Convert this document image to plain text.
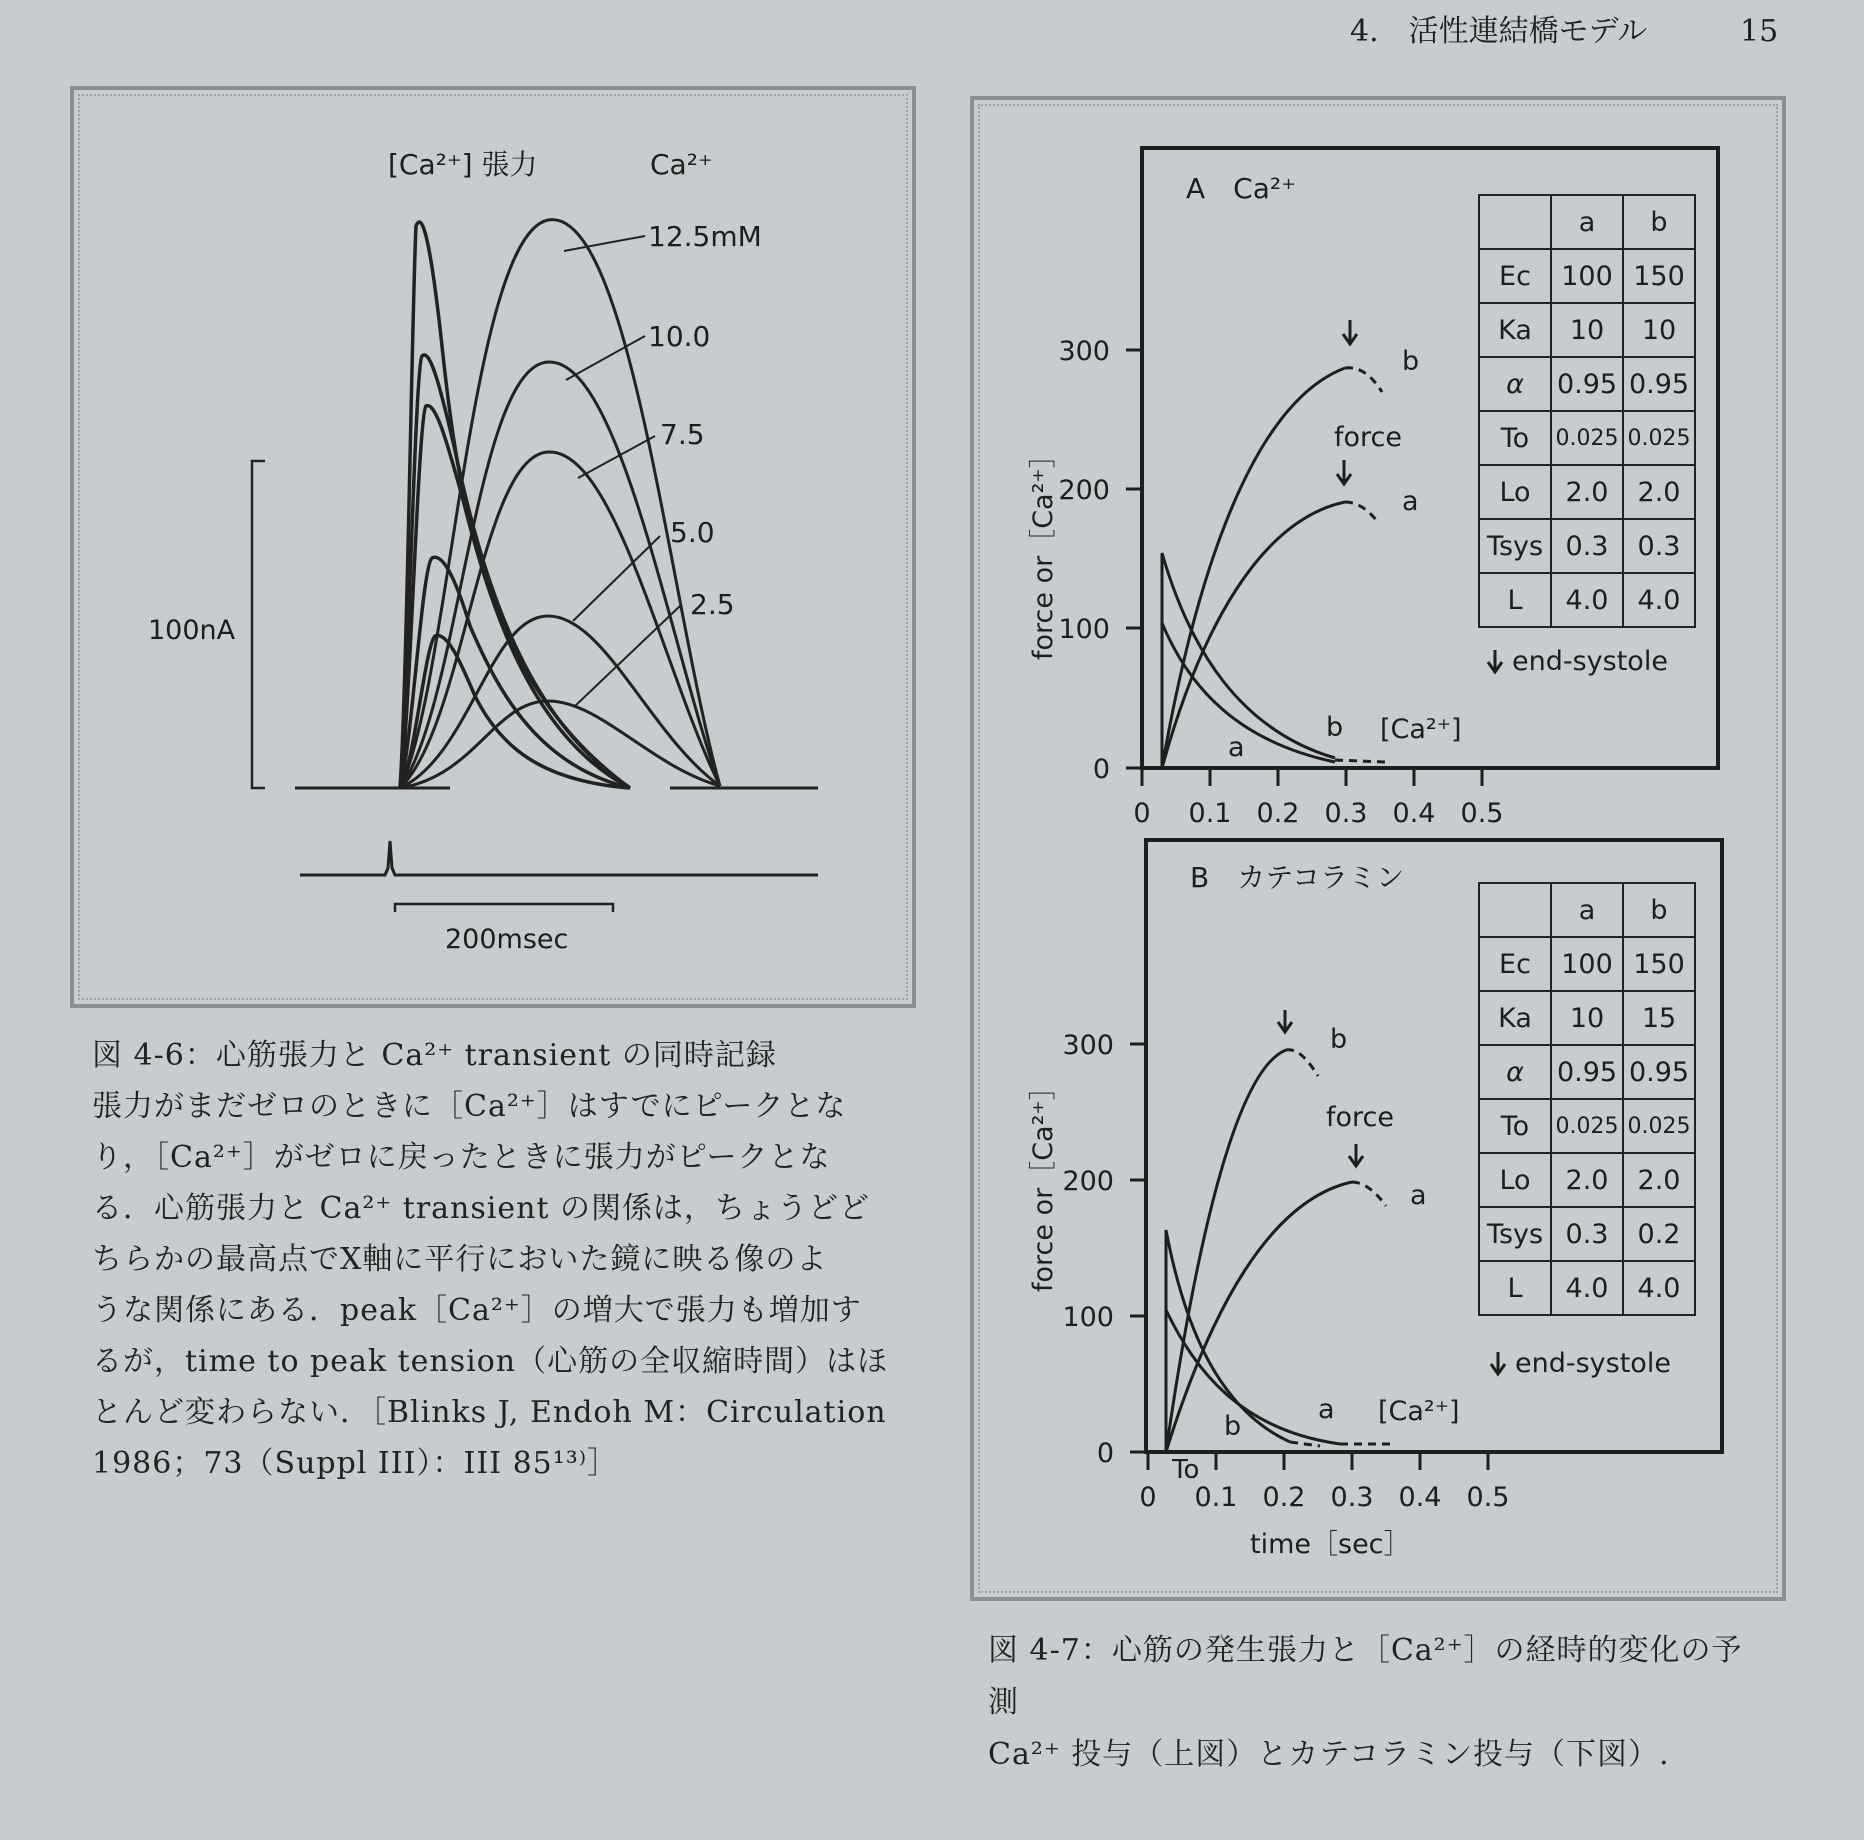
4.　活性連結橋モデル	15
[Ca²⁺] 張力	Ca²⁺
100nA
12.5mM
10.0
7.5
5.0
2.5
200msec
図 4-6：心筋張力と Ca²⁺ transient の同時記録
張力がまだゼロのときに［Ca²⁺］はすでにピークとな
り，［Ca²⁺］がゼロに戻ったときに張力がピークとな
る．心筋張力と Ca²⁺ transient の関係は，ちょうどど
ちらかの最高点でX軸に平行においた鏡に映る像のよ
うな関係にある．peak［Ca²⁺］の増大で張力も増加す
るが，time to peak tension（心筋の全収縮時間）はほ
とんど変わらない．［Blinks J, Endoh M：Circulation
1986；73（Suppl III）：III 85¹³⁾］
A　Ca²⁺
0
100
200
300
0 0.1 0.2 0.3 0.4 0.5
force or［Ca²⁺］
b
a
force
b
a
[Ca²⁺]
end-systole
	a	b
Ec	100	150
Ka	10	10
α	0.95	0.95
To	0.025	0.025
Lo	2.0	2.0
Tsys	0.3	0.3
L	4.0	4.0
B　カテコラミン
0
100
200
300
0 0.1 0.2 0.3 0.4 0.5
To
force or［Ca²⁺］
time［sec］
b
a
force
a
b	[Ca²⁺]
end-systole
	a	b
Ec	100	150
Ka	10	15
α	0.95	0.95
To	0.025	0.025
Lo	2.0	2.0
Tsys	0.3	0.2
L	4.0	4.0
図 4-7：心筋の発生張力と［Ca²⁺］の経時的変化の予
測
Ca²⁺ 投与（上図）とカテコラミン投与（下図）.
